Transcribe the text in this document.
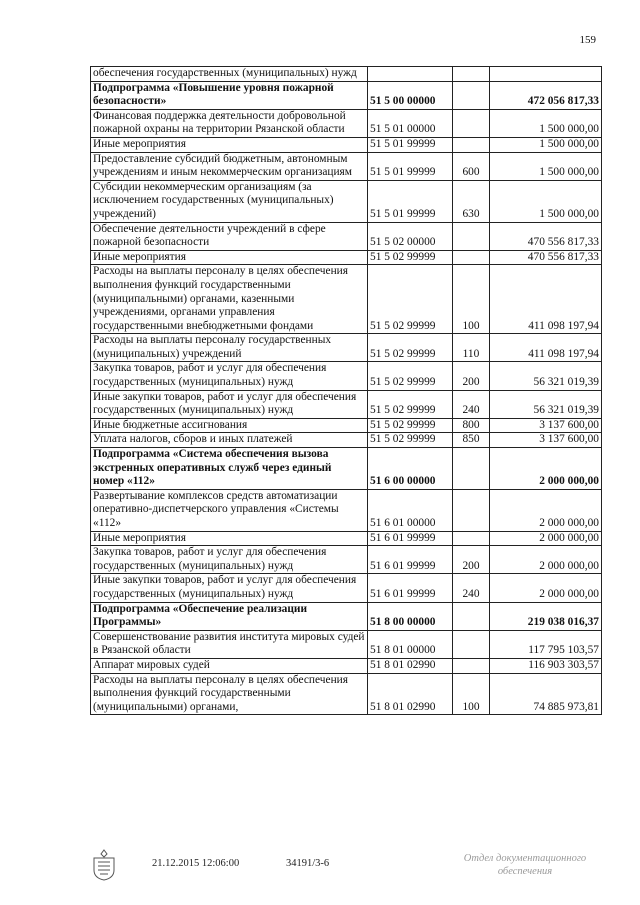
159
обеспечения государственных (муниципальных) нужд			
Подпрограмма «Повышение уровня пожарной безопасности»	51 5 00 00000		472 056 817,33
Финансовая поддержка деятельности добровольной пожарной охраны на территории Рязанской области	51 5 01 00000		1 500 000,00
Иные мероприятия	51 5 01 99999		1 500 000,00
Предоставление субсидий бюджетным, автономным учреждениям и иным некоммерческим организациям	51 5 01 99999	600	1 500 000,00
Субсидии некоммерческим организациям (за исключением государственных (муниципальных) учреждений)	51 5 01 99999	630	1 500 000,00
Обеспечение деятельности учреждений в сфере пожарной безопасности	51 5 02 00000		470 556 817,33
Иные мероприятия	51 5 02 99999		470 556 817,33
Расходы на выплаты персоналу в целях обеспечения выполнения функций государственными (муниципальными) органами, казенными учреждениями, органами управления государственными внебюджетными фондами	51 5 02 99999	100	411 098 197,94
Расходы на выплаты персоналу государственных (муниципальных) учреждений	51 5 02 99999	110	411 098 197,94
Закупка товаров, работ и услуг для обеспечения государственных (муниципальных) нужд	51 5 02 99999	200	56 321 019,39
Иные закупки товаров, работ и услуг для обеспечения государственных (муниципальных) нужд	51 5 02 99999	240	56 321 019,39
Иные бюджетные ассигнования	51 5 02 99999	800	3 137 600,00
Уплата налогов, сборов и иных платежей	51 5 02 99999	850	3 137 600,00
Подпрограмма «Система обеспечения вызова экстренных оперативных служб через единый номер «112»	51 6 00 00000		2 000 000,00
Развертывание комплексов средств автоматизации оперативно-диспетчерского управления «Системы «112»	51 6 01 00000		2 000 000,00
Иные мероприятия	51 6 01 99999		2 000 000,00
Закупка товаров, работ и услуг для обеспечения государственных (муниципальных) нужд	51 6 01 99999	200	2 000 000,00
Иные закупки товаров, работ и услуг для обеспечения государственных (муниципальных) нужд	51 6 01 99999	240	2 000 000,00
Подпрограмма «Обеспечение реализации Программы»	51 8 00 00000		219 038 016,37
Совершенствование развития института мировых судей в Рязанской области	51 8 01 00000		117 795 103,57
Аппарат мировых судей	51 8 01 02990		116 903 303,57
Расходы на выплаты персоналу в целях обеспечения выполнения функций государственными (муниципальными) органами,	51 8 01 02990	100	74 885 973,81
21.12.2015 12:06:00	34191/3-6	Отдел документационного
обеспечения
